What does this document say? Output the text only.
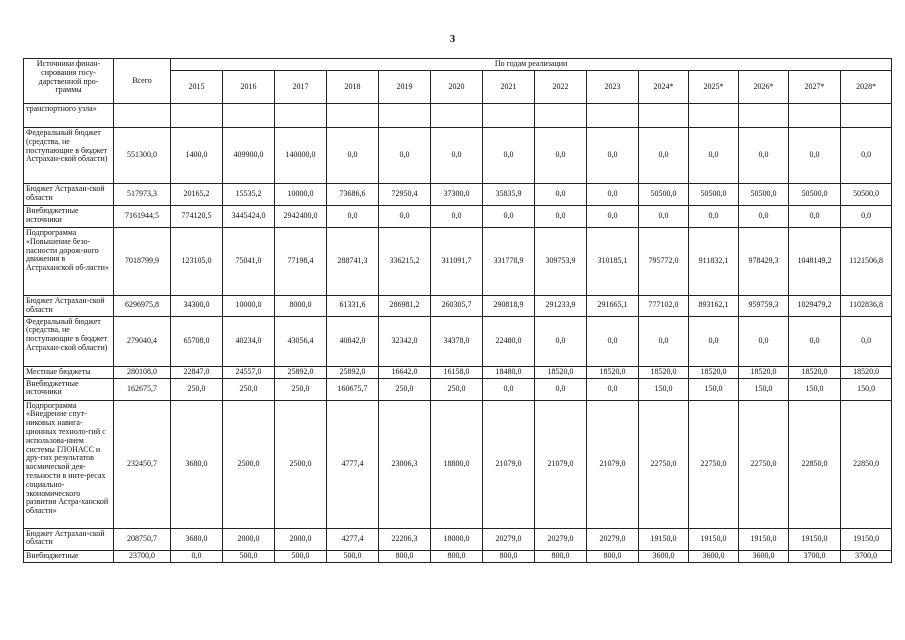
3
Источники финан-сирования госу-дарственной про-граммы	Всего	По годам реализации													
		2015	2016	2017	2018	2019	2020	2021	2022	2023	2024*	2025*	2026*	2027*	2028*
транспортного узла»															
Федеральный бюджет (средства, не поступающие в бюджет Астрахан-ской области)	551300,0	1400,0	409900,0	140000,0	0,0	0,0	0,0	0,0	0,0	0,0	0,0	0,0	0,0	0,0	0,0
Бюджет Астрахан-ской области	517973,3	20165,2	15535,2	10000,0	73686,6	72950,4	37300,0	35835,9	0,0	0,0	50500,0	50500,0	50500,0	50500,0	50500,0
Внебюджетные источники	7161944,5	774120,5	3445424,0	2942400,0	0,0	0,0	0,0	0,0	0,0	0,0	0,0	0,0	0,0	0,0	0,0
Подпрограмма «Повышение безо-пасности дорож-ного движения в Астраханской об-ласти»	7018799,9	123105,0	75041,0	77198,4	288741,3	336215,2	311091,7	331778,9	309753,9	310185,1	795772,0	911832,1	978429,3	1048149,2	1121506,8
Бюджет Астрахан-ской области	6296975,8	34300,0	10000,0	8000,0	61331,6	286981,2	260305,7	290818,9	291233,9	291665,1	777102,0	893162,1	959759,3	1029479,2	1102836,8
Федеральный бюджет (средства, не поступающие в бюджет Астрахан-ской области)	279040,4	65708,0	40234,0	43056,4	40842,0	32342,0	34378,0	22480,0	0,0	0,0	0,0	0,0	0,0	0,0	0,0
Местные бюджеты	280108,0	22847,0	24557,0	25892,0	25892,0	16642,0	16158,0	18480,0	18520,0	18520,0	18520,0	18520,0	18520,0	18520,0	18520,0
Внебюджетные источники	162675,7	250,0	250,0	250,0	160675,7	250,0	250,0	0,0	0,0	0,0	150,0	150,0	150,0	150,0	150,0
Подпрограмма «Внедрение спут-никовых навига-ционных техноло-гий с использова-нием системы ГЛОНАСС и дру-гих результатов космической дея-тельности в инте-ресах социально-экономического развития Астра-ханской области»	232450,7	3680,0	2500,0	2500,0	4777,4	23006,3	18800,0	21079,0	21079,0	21079,0	22750,0	22750,0	22750,0	22850,0	22850,0
Бюджет Астрахан-ской области	208750,7	3680,0	2000,0	2000,0	4277,4	22206,3	18000,0	20279,0	20279,0	20279,0	19150,0	19150,0	19150,0	19150,0	19150,0
Внебюджетные	23700,0	0,0	500,0	500,0	500,0	800,0	800,0	800,0	800,0	800,0	3600,0	3600,0	3600,0	3700,0	3700,0
